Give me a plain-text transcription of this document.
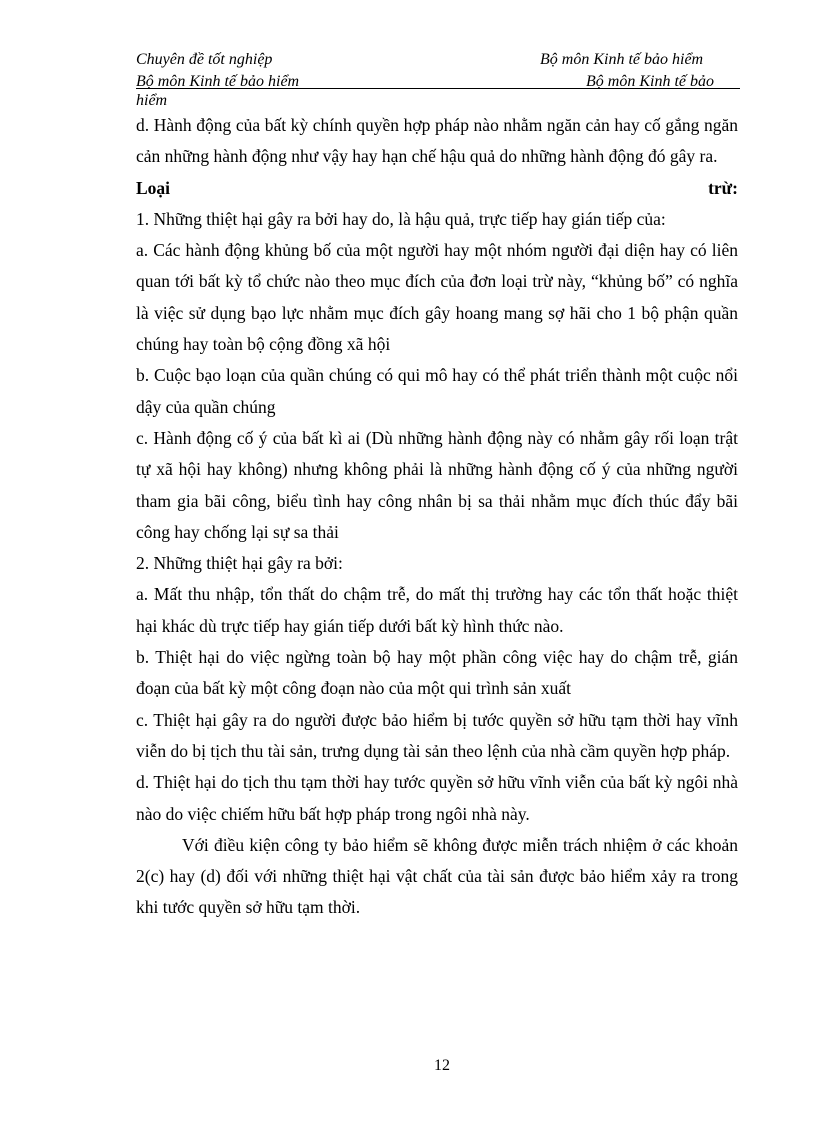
Chuyên đề tốt nghiệp	Bộ môn Kinh tế bảo hiểm
Bộ môn Kinh tế bảo hiểm	Bộ môn Kinh tế bảo
hiểm

d. Hành động của bất kỳ chính quyền hợp pháp nào nhằm ngăn cản hay cố gắng ngăn cản những hành động như vậy hay hạn chế hậu quả do những hành động đó gây ra.

Loại	trừ:

1. Những thiệt hại gây ra bởi hay do, là hậu quả, trực tiếp hay gián tiếp của:

a. Các hành động khủng bố của một người hay một nhóm người đại diện hay có liên quan tới bất kỳ tổ chức nào theo mục đích của đơn loại trừ này, “khủng bố” có nghĩa là việc sử dụng bạo lực nhằm mục đích gây hoang mang sợ hãi cho 1 bộ phận quần chúng hay toàn bộ cộng đồng xã hội

b. Cuộc bạo loạn của quần chúng có qui mô hay có thể phát triển thành một cuộc nổi dậy của quần chúng

c. Hành động cố ý của bất kì ai (Dù những hành động này có nhằm gây rối loạn trật tự xã hội hay không) nhưng không phải là những hành động cố ý của những người tham gia bãi công, biểu tình hay công nhân bị sa thải nhằm mục đích thúc đẩy bãi công hay chống lại sự sa thải

2. Những thiệt hại gây ra bởi:

a. Mất thu nhập, tổn thất do chậm trễ, do mất thị trường hay các tổn thất hoặc thiệt hại khác dù trực tiếp hay gián tiếp dưới bất kỳ hình thức nào.

b. Thiệt hại do việc ngừng toàn bộ hay một phần công việc hay do chậm trễ, gián đoạn của bất kỳ một công đoạn nào của một qui trình sản xuất

c. Thiệt hại gây ra do người được bảo hiểm bị tước quyền sở hữu tạm thời hay vĩnh viễn do bị tịch thu tài sản, trưng dụng tài sản theo lệnh của nhà cầm quyền hợp pháp.

d. Thiệt hại do tịch thu tạm thời hay tước quyền sở hữu vĩnh viễn của bất kỳ ngôi nhà nào do việc chiếm hữu bất hợp pháp trong ngôi nhà này.

Với điều kiện công ty bảo hiểm sẽ không được miễn trách nhiệm ở các khoản 2(c) hay (d) đối với những thiệt hại vật chất của tài sản được bảo hiểm xảy ra trong khi tước quyền sở hữu tạm thời.

12
